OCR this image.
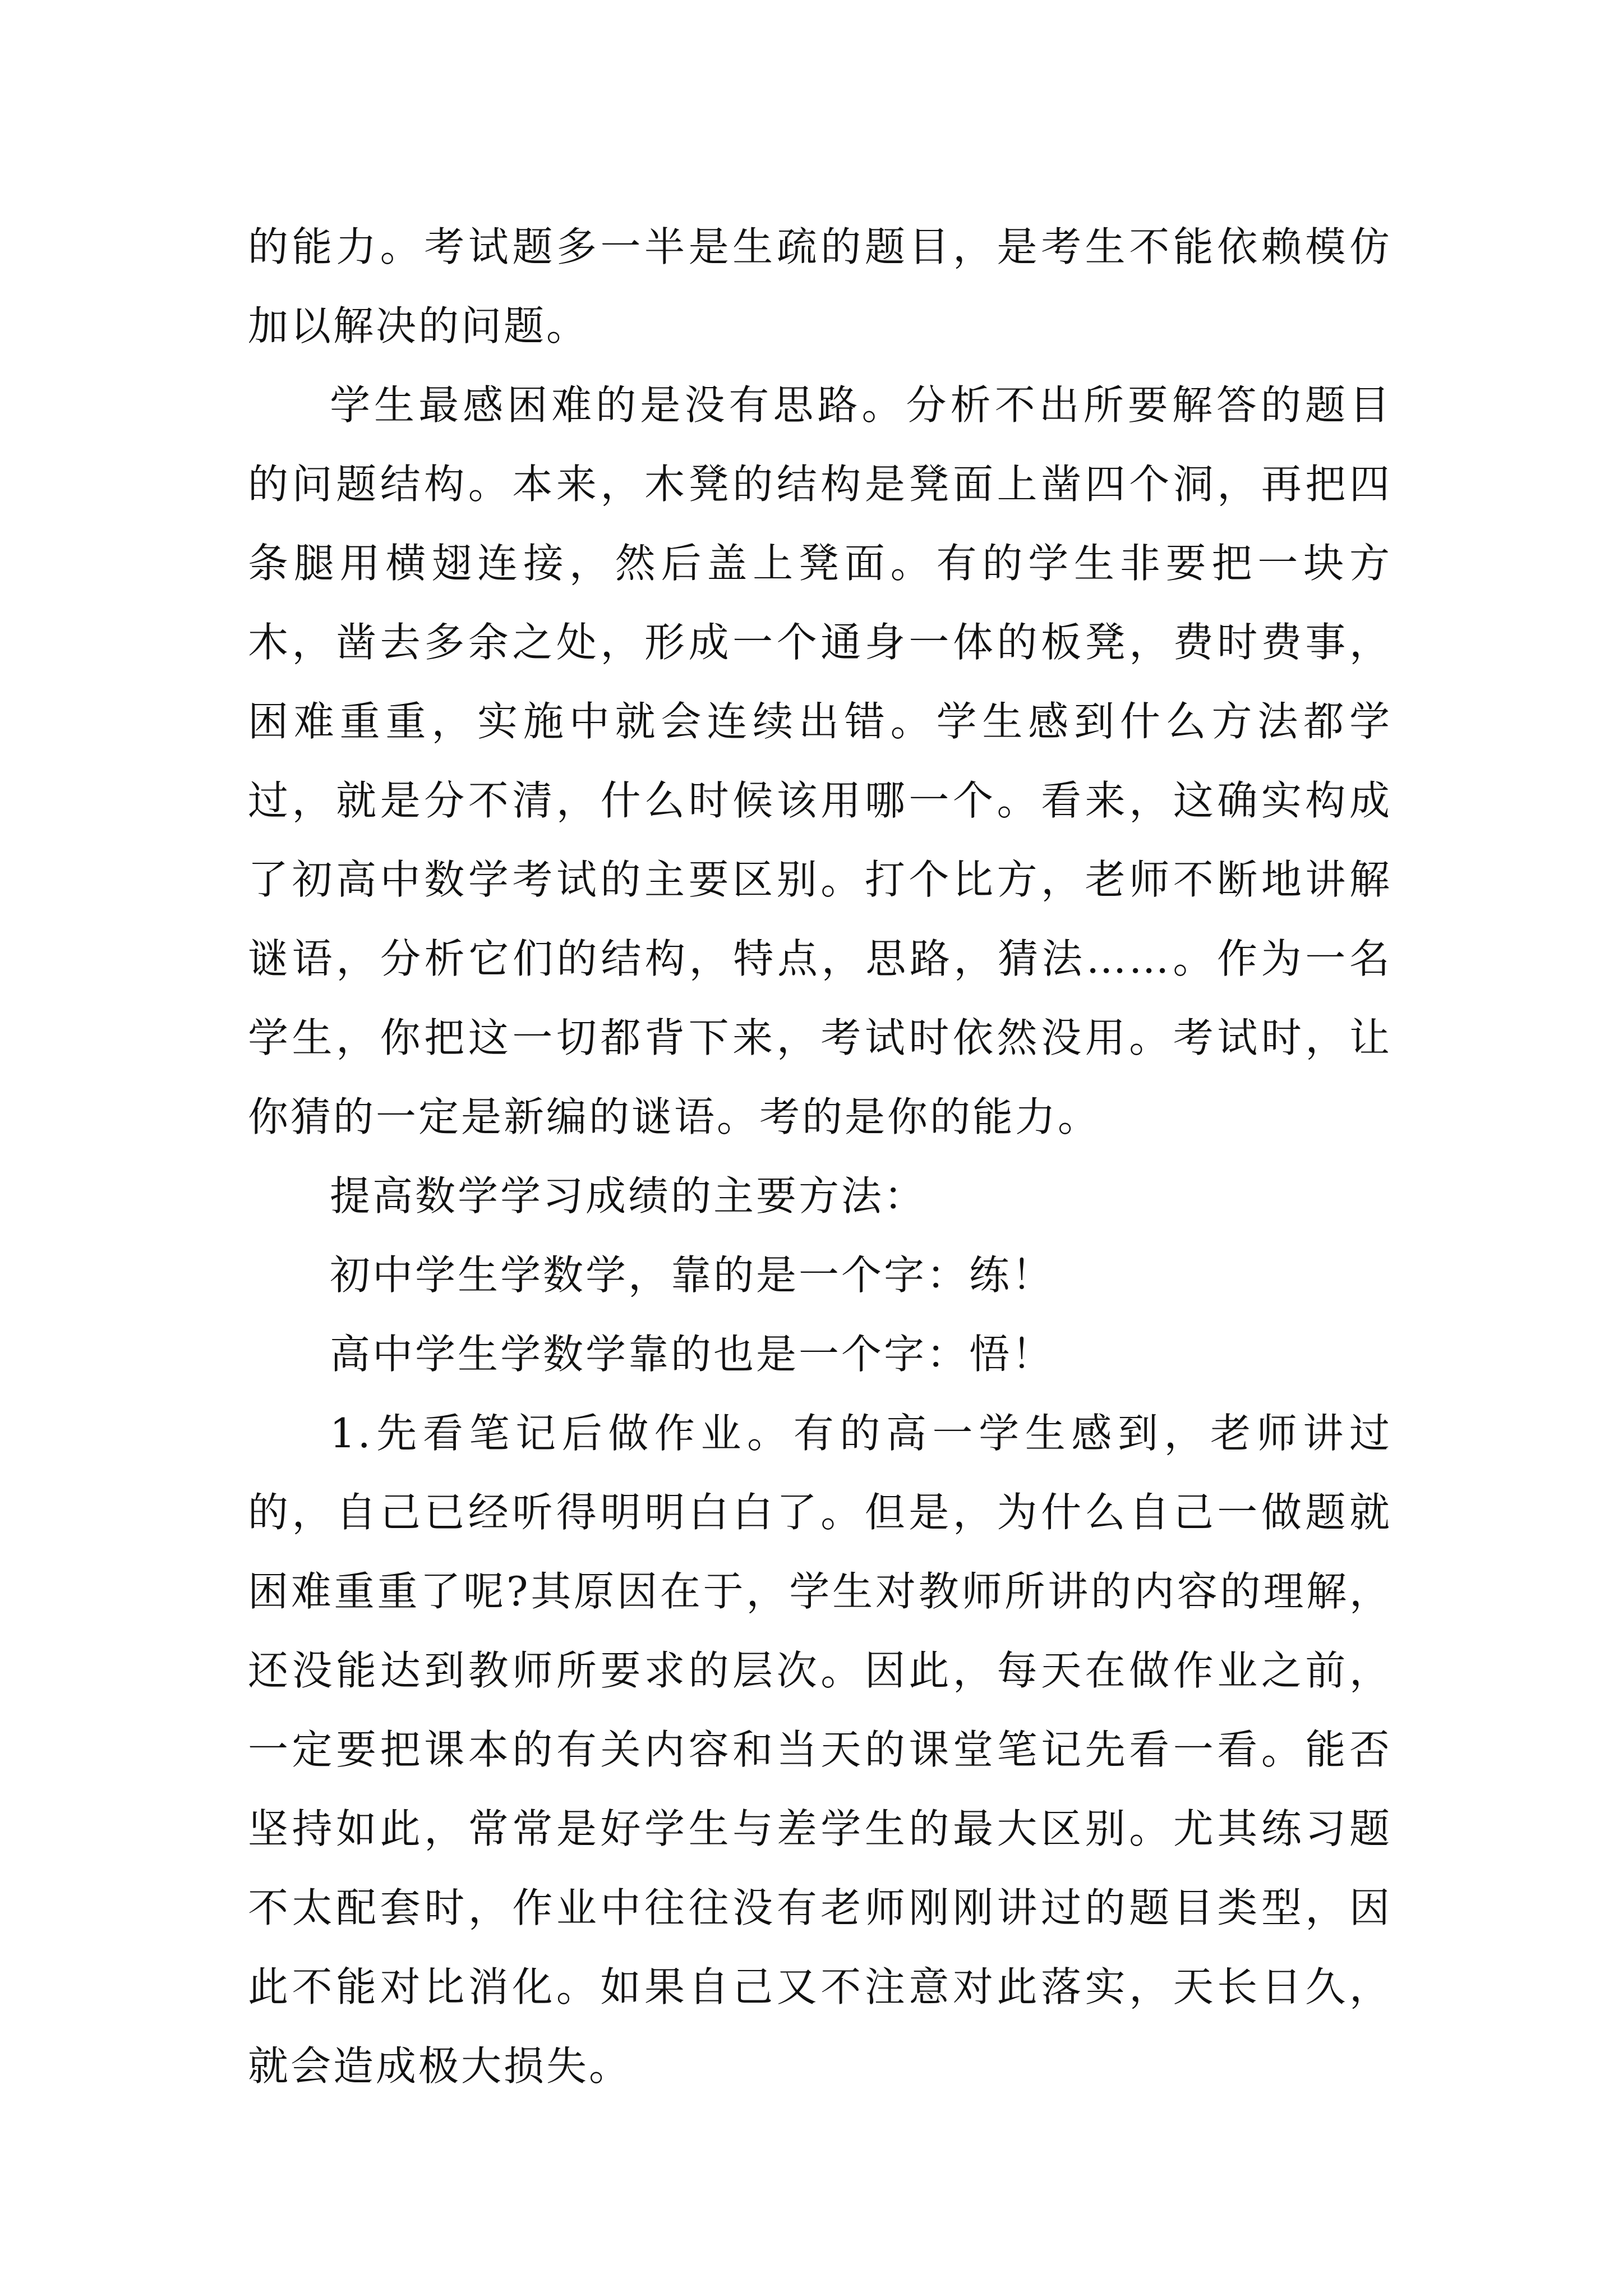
的能力。考试题多一半是生疏的题目，是考生不能依赖模仿加以解决的问题。

学生最感困难的是没有思路。分析不出所要解答的题目的问题结构。本来，木凳的结构是凳面上凿四个洞，再把四条腿用横翅连接，然后盖上凳面。有的学生非要把一块方木，凿去多余之处，形成一个通身一体的板凳，费时费事，困难重重，实施中就会连续出错。学生感到什么方法都学过，就是分不清，什么时候该用哪一个。看来，这确实构成了初高中数学考试的主要区别。打个比方，老师不断地讲解谜语，分析它们的结构，特点，思路，猜法……。作为一名学生，你把这一切都背下来，考试时依然没用。考试时，让你猜的一定是新编的谜语。考的是你的能力。

提高数学学习成绩的主要方法：

初中学生学数学，靠的是一个字：练！

高中学生学数学靠的也是一个字：悟！

1.先看笔记后做作业。有的高一学生感到，老师讲过的，自己已经听得明明白白了。但是，为什么自己一做题就困难重重了呢?其原因在于，学生对教师所讲的内容的理解，还没能达到教师所要求的层次。因此，每天在做作业之前，一定要把课本的有关内容和当天的课堂笔记先看一看。能否坚持如此，常常是好学生与差学生的最大区别。尤其练习题不太配套时，作业中往往没有老师刚刚讲过的题目类型，因此不能对比消化。如果自己又不注意对此落实，天长日久，就会造成极大损失。
